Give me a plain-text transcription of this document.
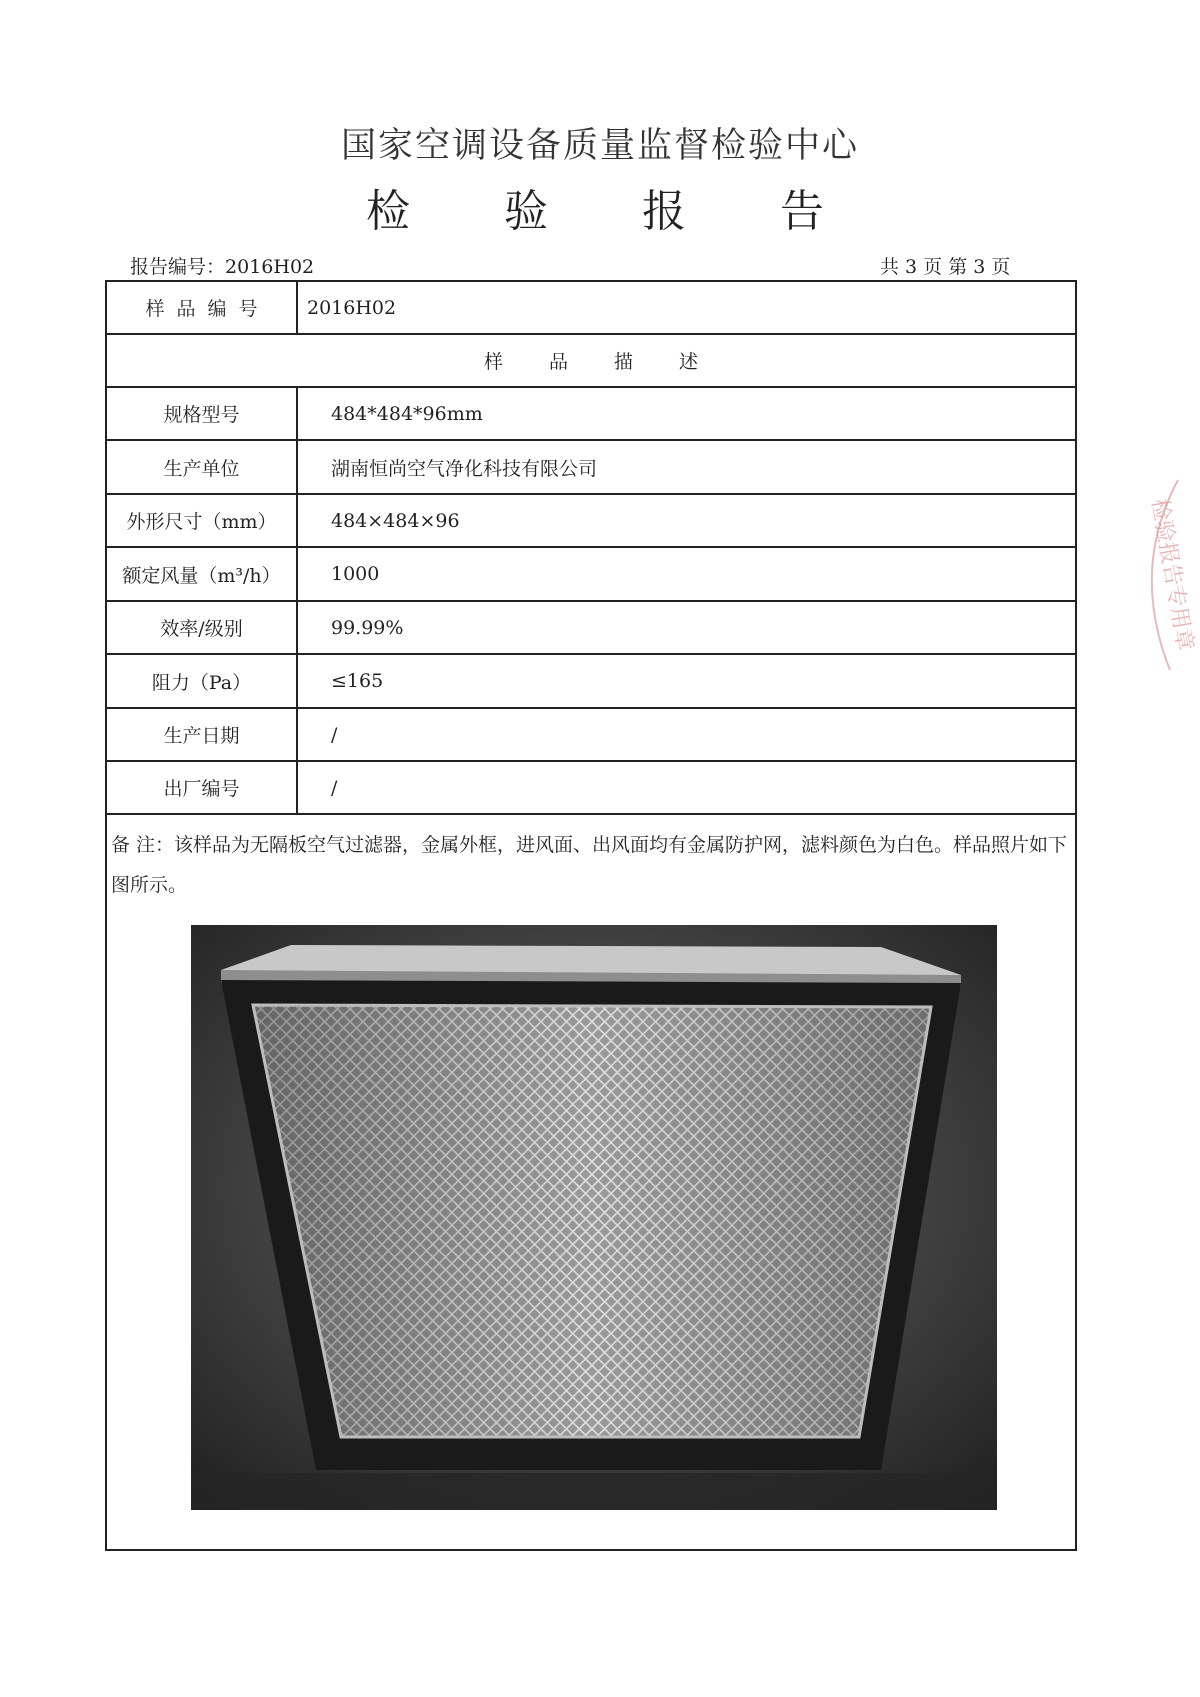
国家空调设备质量监督检验中心
检 验 报 告
报告编号：2016H02	共 3 页 第 3 页
样品编号	2016H02
样品描述
规格型号	484*484*96mm
生产单位	湖南恒尚空气净化科技有限公司
外形尺寸（mm）	484×484×96
额定风量（m³/h）	1000
效率/级别	99.99%
阻力（Pa）	≤165
生产日期	/
出厂编号	/
备 注：该样品为无隔板空气过滤器，金属外框，进风面、出风面均有金属防护网，滤料颜色为白色。样品照片如下图所示。
检验报告专用章
